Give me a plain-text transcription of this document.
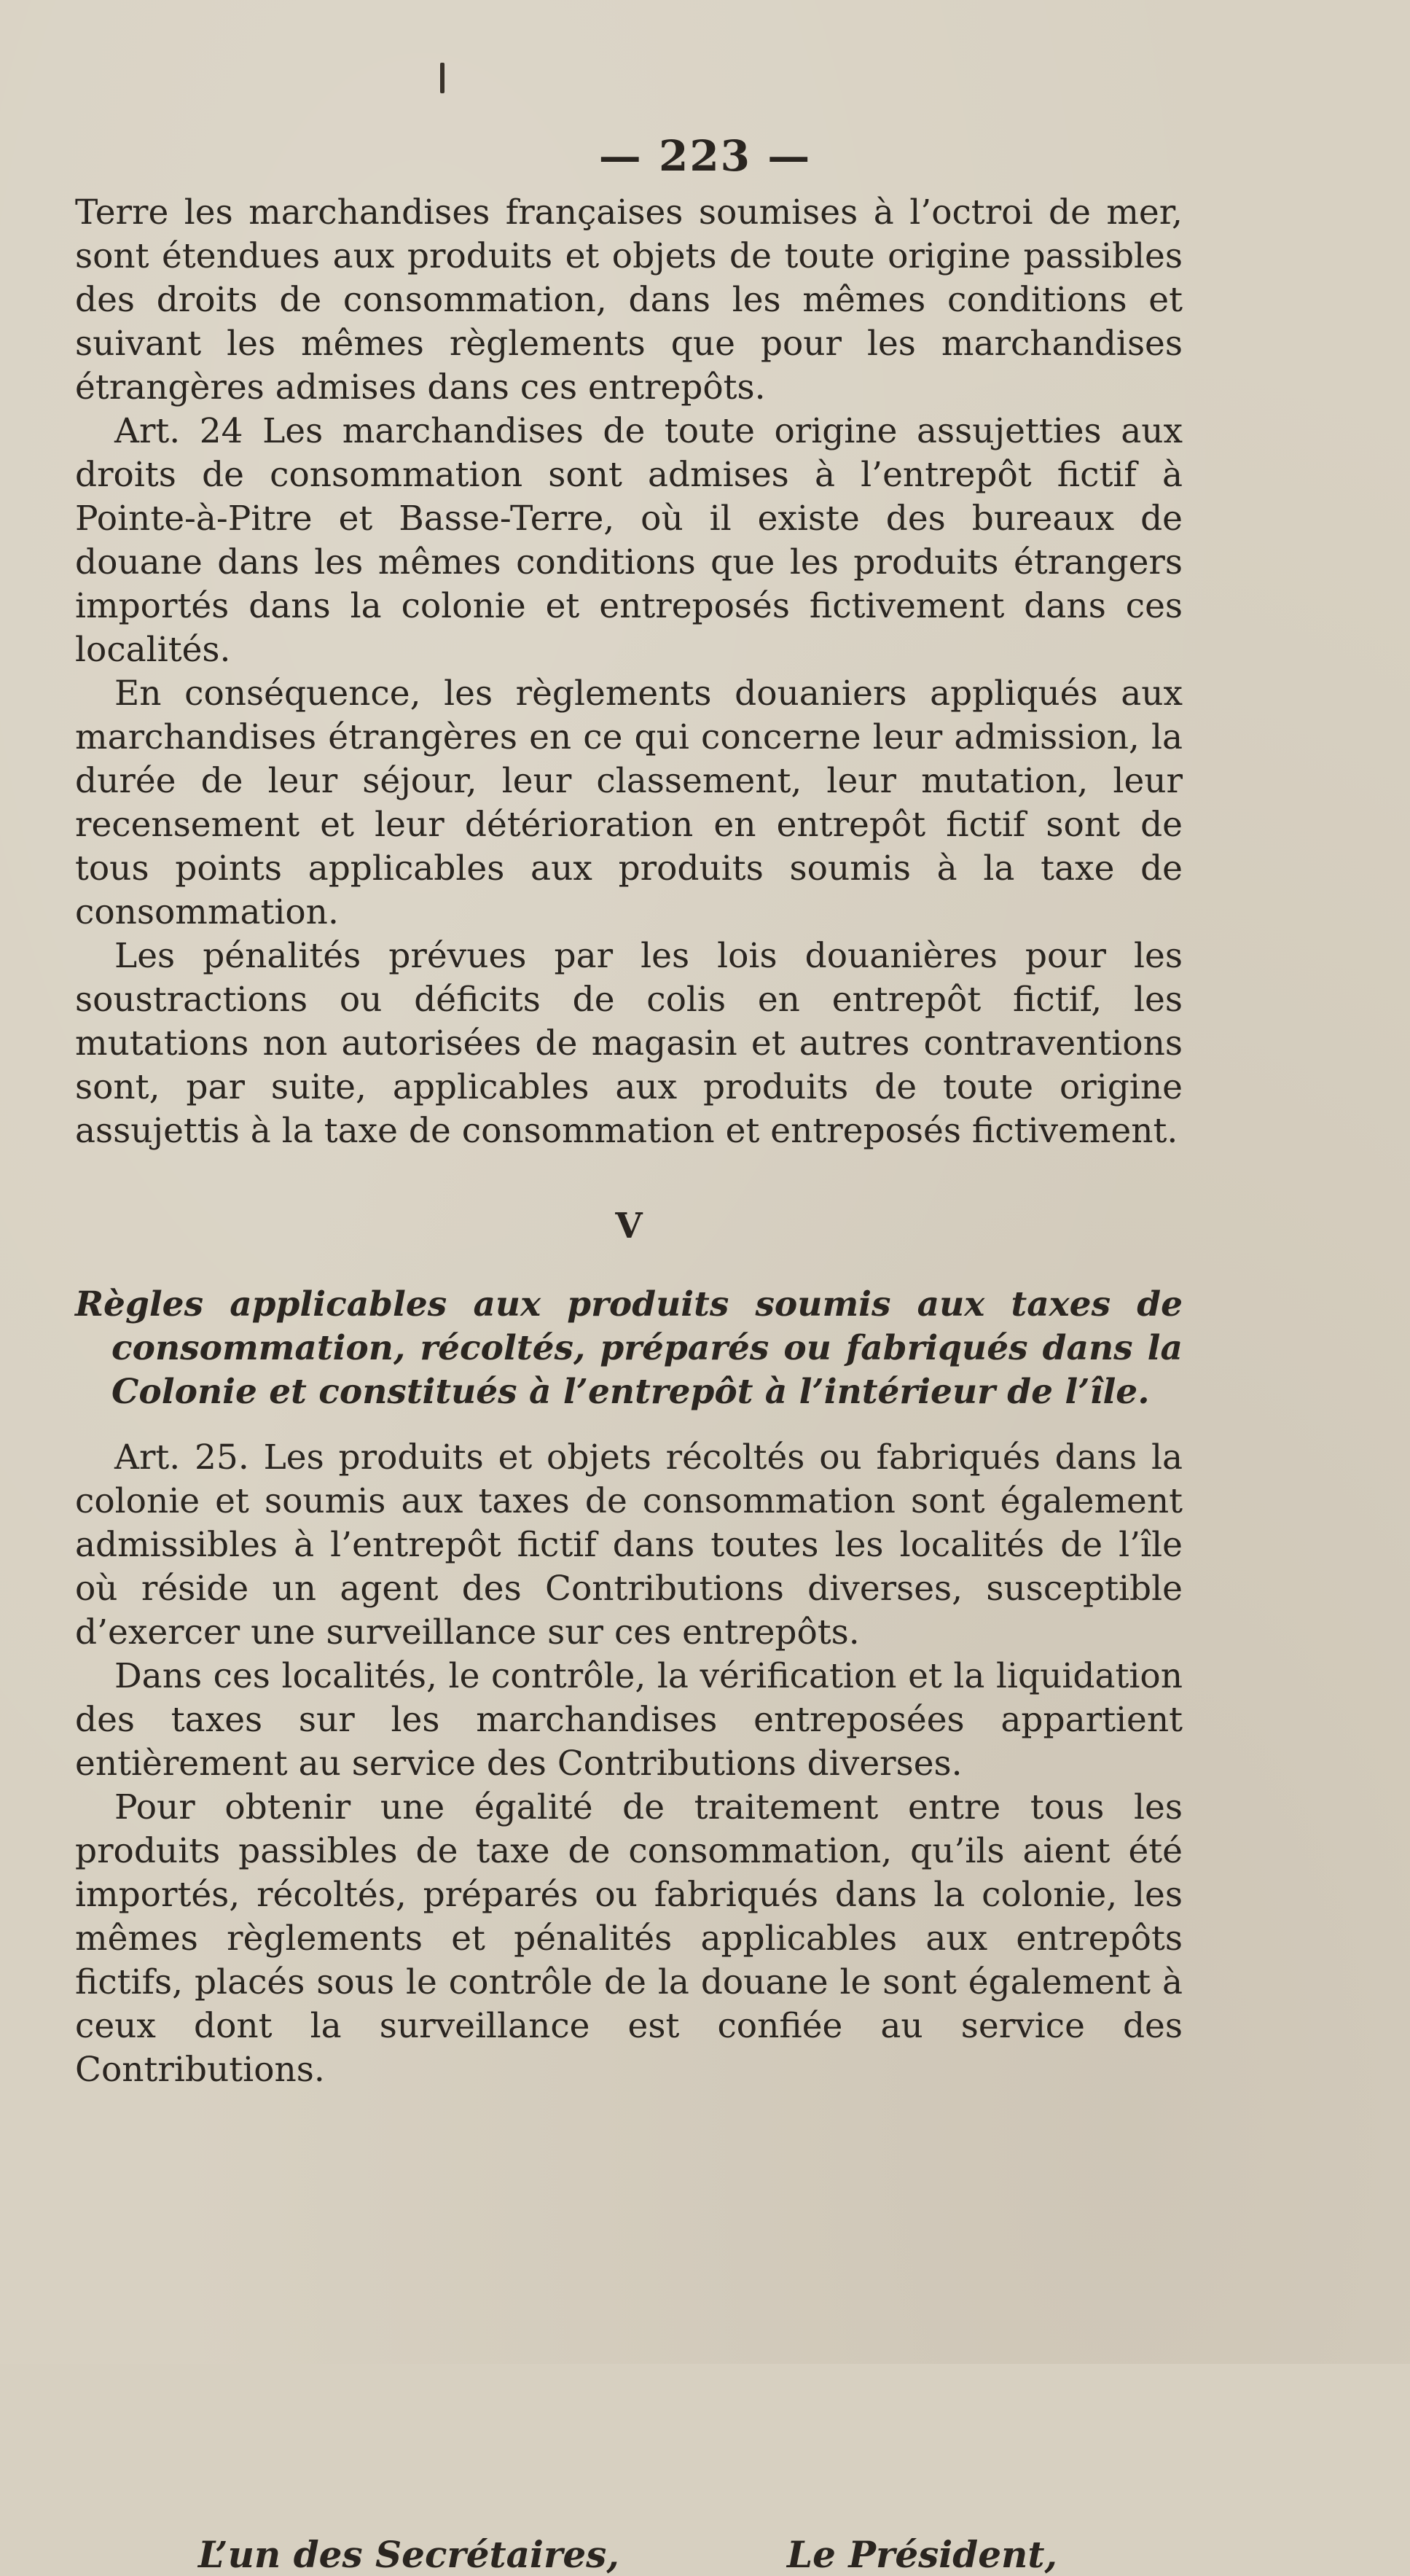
— 223 —

Terre les marchandises françaises soumises à l’octroi de mer, sont étendues aux produits et objets de toute origine passibles des droits de consommation, dans les mêmes conditions et suivant les mêmes règlements que pour les marchandises étrangères admises dans ces entrepôts.

Art. 24 Les marchandises de toute origine assujetties aux droits de consommation sont admises à l’entrepôt fictif à Pointe-à-Pitre et Basse-Terre, où il existe des bureaux de douane dans les mêmes conditions que les produits étrangers importés dans la colonie et entreposés fictivement dans ces localités.

En conséquence, les règlements douaniers appliqués aux marchandises étrangères en ce qui concerne leur admission, la durée de leur séjour, leur classement, leur mutation, leur recensement et leur détérioration en entrepôt fictif sont de tous points applicables aux produits soumis à la taxe de consommation.

Les pénalités prévues par les lois douanières pour les soustractions ou déficits de colis en entrepôt fictif, les mutations non autorisées de magasin et autres contraventions sont, par suite, applicables aux produits de toute origine assujettis à la taxe de consommation et entreposés fictivement.

V
Règles applicables aux produits soumis aux taxes de consommation, récoltés, préparés ou fabriqués dans la Colonie et constitués à l’entrepôt à l’intérieur de l’île.

Art. 25. Les produits et objets récoltés ou fabriqués dans la colonie et soumis aux taxes de consommation sont également admissibles à l’entrepôt fictif dans toutes les localités de l’île où réside un agent des Contributions diverses, susceptible d’exercer une surveillance sur ces entrepôts.

Dans ces localités, le contrôle, la vérification et la liquidation des taxes sur les marchandises entreposées appartient entièrement au service des Contributions diverses.

Pour obtenir une égalité de traitement entre tous les produits passibles de taxe de consommation, qu’ils aient été importés, récoltés, préparés ou fabriqués dans la colonie, les mêmes règlements et pénalités applicables aux entrepôts fictifs, placés sous le contrôle de la douane le sont également à ceux dont la surveillance est confiée au service des Contributions.

L’un des Secrétaires,	Le Président,
